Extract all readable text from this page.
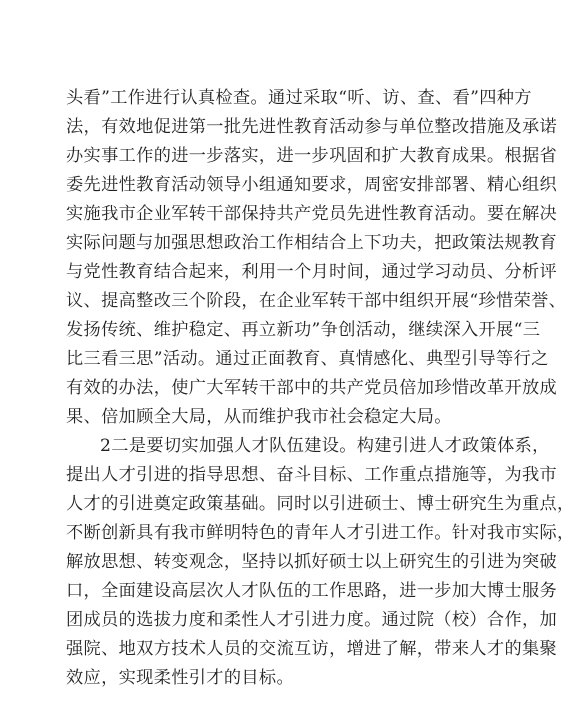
头看”工作进行认真检查。通过采取“听、访、查、看”四种方
法，有效地促进第一批先进性教育活动参与单位整改措施及承诺
办实事工作的进一步落实，进一步巩固和扩大教育成果。根据省
委先进性教育活动领导小组通知要求，周密安排部署、精心组织
实施我市企业军转干部保持共产党员先进性教育活动。要在解决
实际问题与加强思想政治工作相结合上下功夫，把政策法规教育
与党性教育结合起来，利用一个月时间，通过学习动员、分析评
议、提高整改三个阶段，在企业军转干部中组织开展“珍惜荣誉、
发扬传统、维护稳定、再立新功”争创活动，继续深入开展“三
比三看三思”活动。通过正面教育、真情感化、典型引导等行之
有效的办法，使广大军转干部中的共产党员倍加珍惜改革开放成
果、倍加顾全大局，从而维护我市社会稳定大局。
2二是要切实加强人才队伍建设。构建引进人才政策体系，
提出人才引进的指导思想、奋斗目标、工作重点措施等，为我市
人才的引进奠定政策基础。同时以引进硕士、博士研究生为重点，
不断创新具有我市鲜明特色的青年人才引进工作。针对我市实际，
解放思想、转变观念，坚持以抓好硕士以上研究生的引进为突破
口，全面建设高层次人才队伍的工作思路，进一步加大博士服务
团成员的选拔力度和柔性人才引进力度。通过院（校）合作，加
强院、地双方技术人员的交流互访，增进了解，带来人才的集聚
效应，实现柔性引才的目标。
